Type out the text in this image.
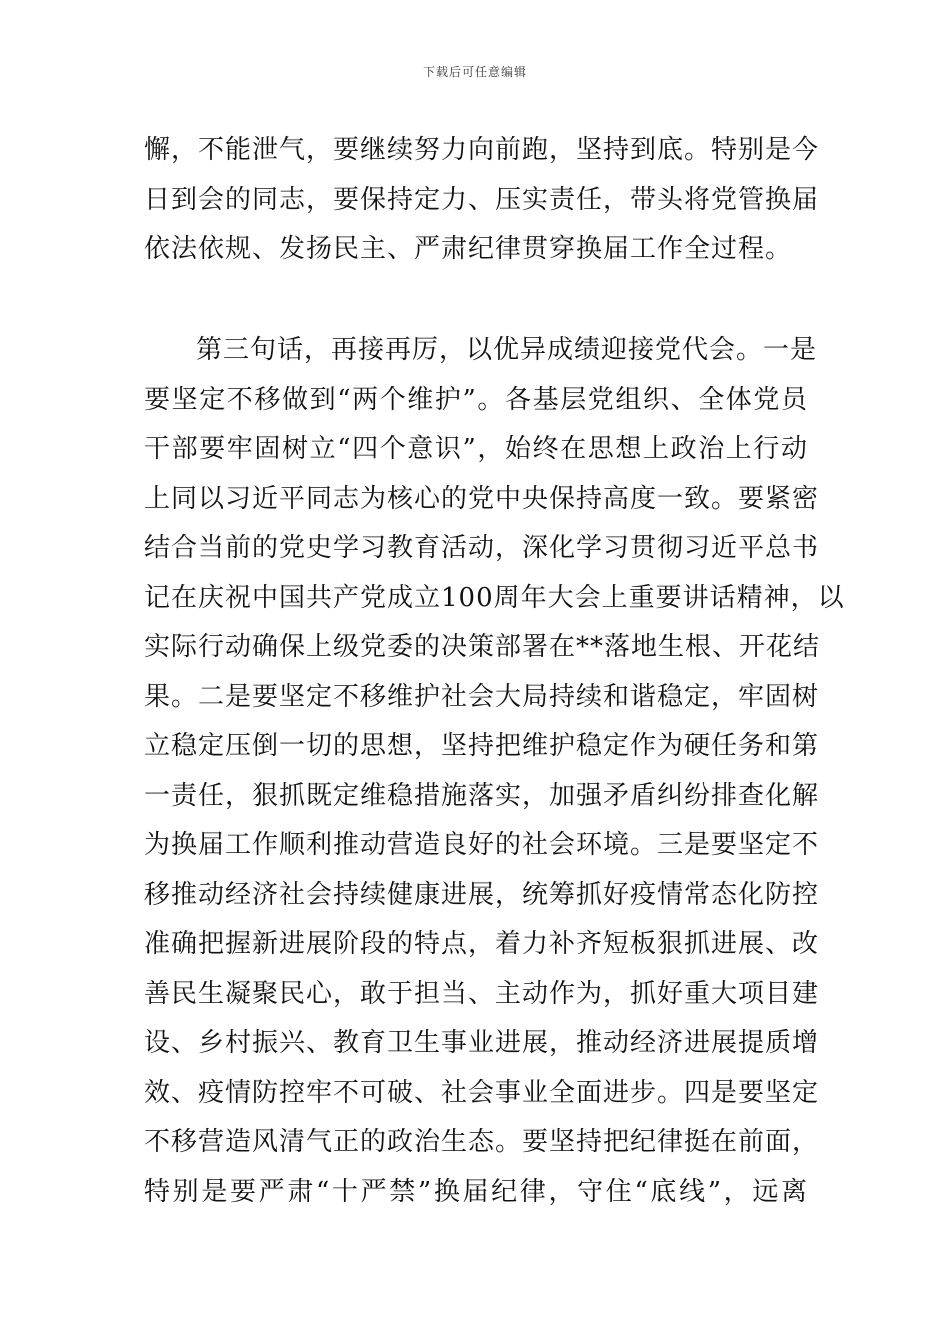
下载后可任意编辑
懈，不能泄气，要继续努力向前跑，坚持到底。特别是今
日到会的同志，要保持定力、压实责任，带头将党管换届
依法依规、发扬民主、严肃纪律贯穿换届工作全过程。
第三句话，再接再厉，以优异成绩迎接党代会。一是
要坚定不移做到“两个维护”。各基层党组织、全体党员
干部要牢固树立“四个意识”，始终在思想上政治上行动
上同以习近平同志为核心的党中央保持高度一致。要紧密
结合当前的党史学习教育活动，深化学习贯彻习近平总书
记在庆祝中国共产党成立100周年大会上重要讲话精神，以
实际行动确保上级党委的决策部署在**落地生根、开花结
果。二是要坚定不移维护社会大局持续和谐稳定，牢固树
立稳定压倒一切的思想，坚持把维护稳定作为硬任务和第
一责任，狠抓既定维稳措施落实，加强矛盾纠纷排查化解
为换届工作顺利推动营造良好的社会环境。三是要坚定不
移推动经济社会持续健康进展，统筹抓好疫情常态化防控
准确把握新进展阶段的特点，着力补齐短板狠抓进展、改
善民生凝聚民心，敢于担当、主动作为，抓好重大项目建
设、乡村振兴、教育卫生事业进展，推动经济进展提质增
效、疫情防控牢不可破、社会事业全面进步。四是要坚定
不移营造风清气正的政治生态。要坚持把纪律挺在前面，
特别是要严肃“十严禁”换届纪律，守住“底线”，远离
